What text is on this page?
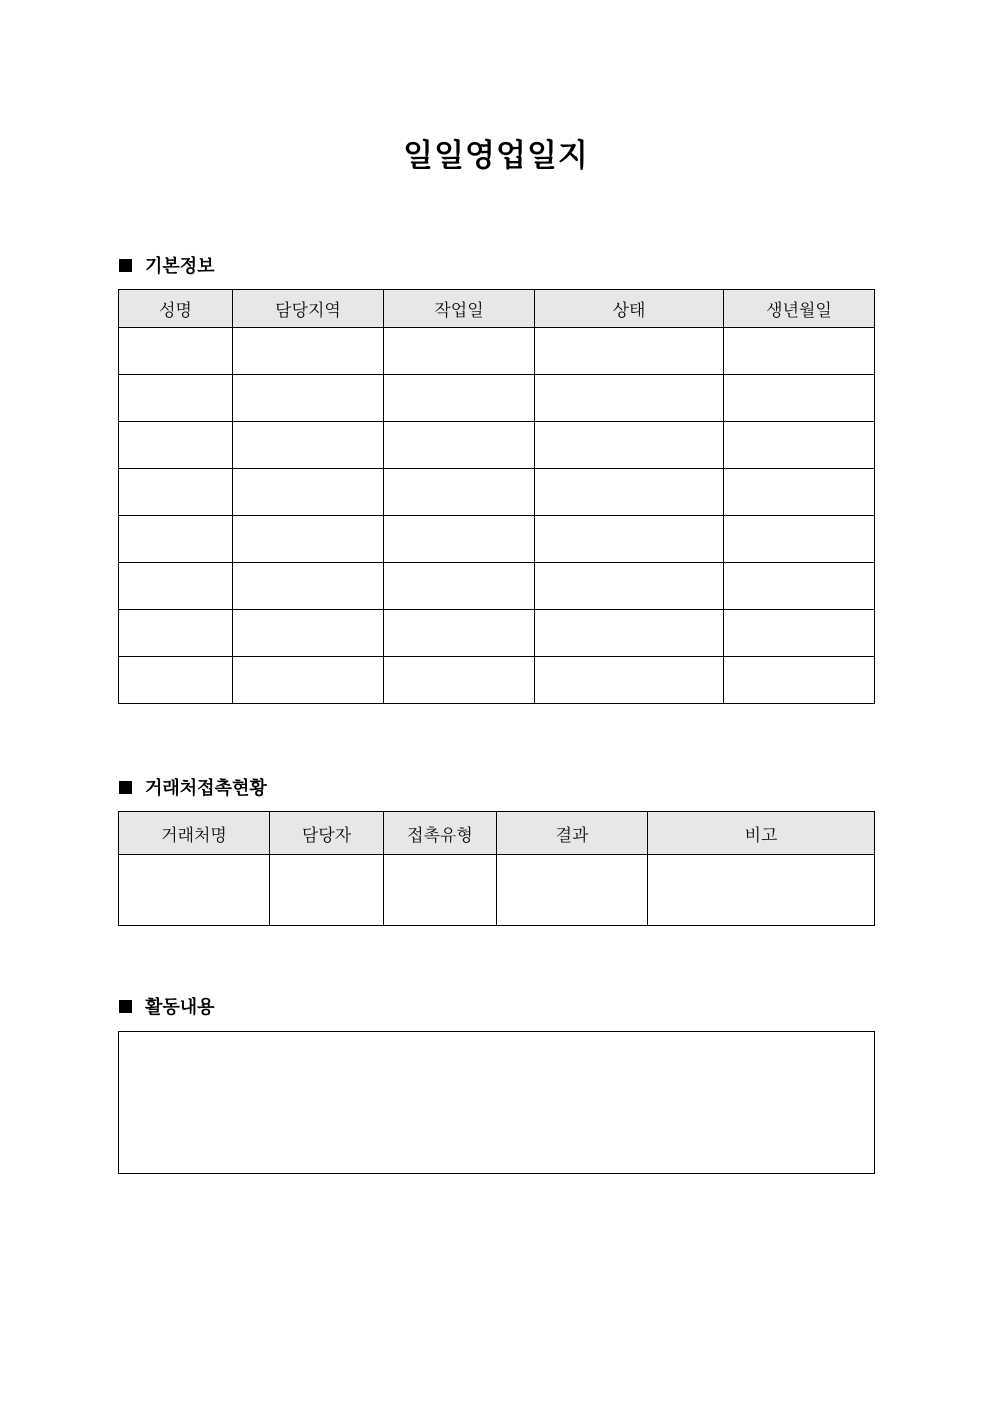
일일영업일지
기본정보
성명	담당지역	작업일	상태	생년월일

거래처접촉현황
거래처명	담당자	접촉유형	결과	비고

활동내용
